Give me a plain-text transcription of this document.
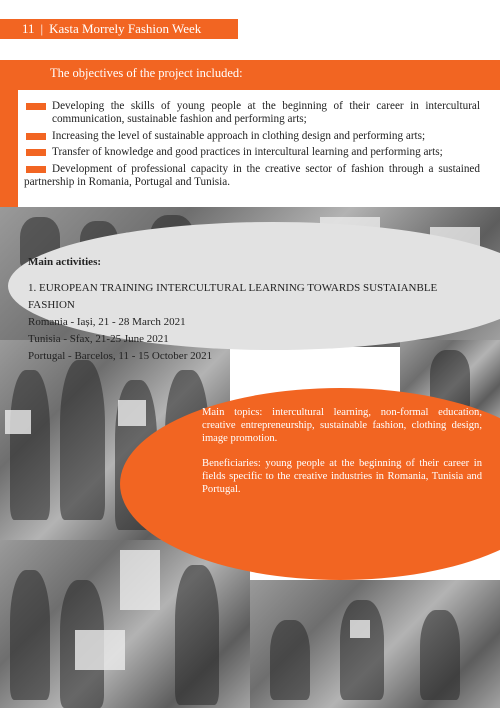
11 | Kasta Morrely Fashion Week
The objectives of the project included:
Developing the skills of young people at the beginning of their career in intercultural communication, sustainable fashion and performing arts;
Increasing the level of sustainable approach in clothing design and performing arts;
Transfer of knowledge and good practices in intercultural learning and performing arts;
Development of professional capacity in the creative sector of fashion through a sustained partnership in Romania, Portugal and Tunisia.
Main activities:
1. EUROPEAN TRAINING INTERCULTURAL LEARNING TOWARDS SUSTAIANBLE FASHION
Romania - Iași, 21 - 28 March 2021
Tunisia - Sfax, 21-25 June 2021
Portugal - Barcelos, 11 - 15 October 2021

Main topics: intercultural learning, non-formal education, creative entrepreneurship, sustainable fashion, clothing design, image promotion.

Beneficiaries: young people at the beginning of their career in fields specific to the creative industries in Romania, Tunisia and Portugal.
